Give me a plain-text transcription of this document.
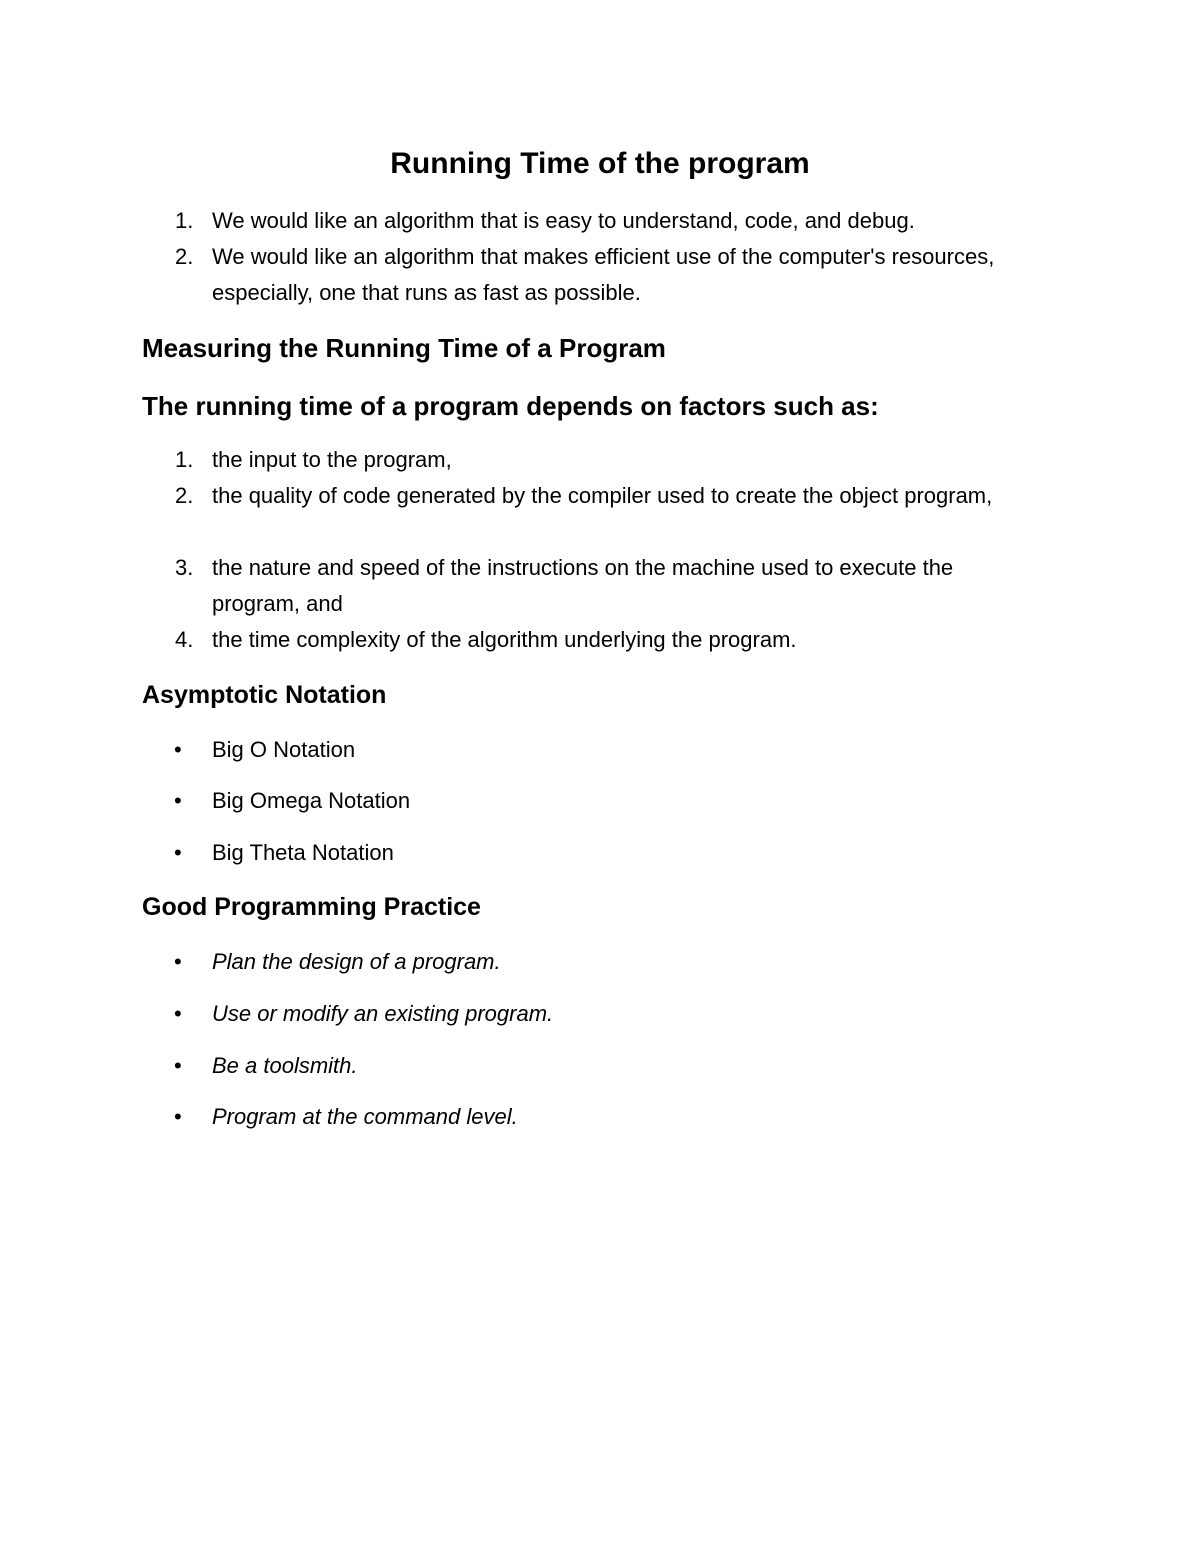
Running Time of the program
1. We would like an algorithm that is easy to understand, code, and debug.
2. We would like an algorithm that makes efficient use of the computer's resources, especially, one that runs as fast as possible.
Measuring the Running Time of a Program
The running time of a program depends on factors such as:
1. the input to the program,
2. the quality of code generated by the compiler used to create the object program,
3. the nature and speed of the instructions on the machine used to execute the program, and
4. the time complexity of the algorithm underlying the program.
Asymptotic Notation
• Big O Notation
• Big Omega Notation
• Big Theta Notation
Good Programming Practice
• Plan the design of a program.
• Use or modify an existing program.
• Be a toolsmith.
• Program at the command level.
